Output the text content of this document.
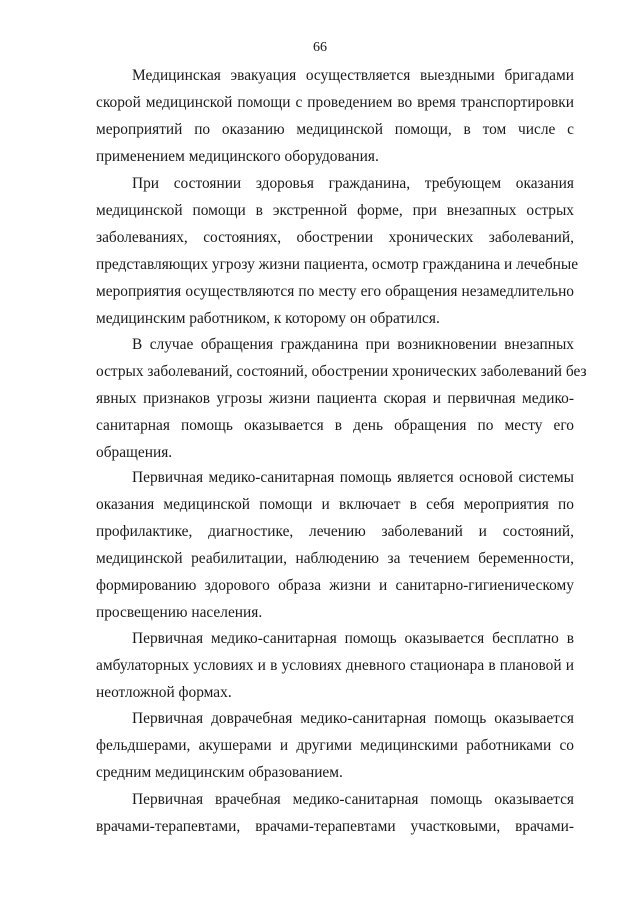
66
Медицинская эвакуация осуществляется выездными бригадами
скорой медицинской помощи с проведением во время транспортировки
мероприятий по оказанию медицинской помощи, в том числе с
применением медицинского оборудования.
При состоянии здоровья гражданина, требующем оказания
медицинской помощи в экстренной форме, при внезапных острых
заболеваниях, состояниях, обострении хронических заболеваний,
представляющих угрозу жизни пациента, осмотр гражданина и лечебные
мероприятия осуществляются по месту его обращения незамедлительно
медицинским работником, к которому он обратился.
В случае обращения гражданина при возникновении внезапных
острых заболеваний, состояний, обострении хронических заболеваний без
явных признаков угрозы жизни пациента скорая и первичная медико-
санитарная помощь оказывается в день обращения по месту его
обращения.
Первичная медико-санитарная помощь является основой системы
оказания медицинской помощи и включает в себя мероприятия по
профилактике, диагностике, лечению заболеваний и состояний,
медицинской реабилитации, наблюдению за течением беременности,
формированию здорового образа жизни и санитарно-гигиеническому
просвещению населения.
Первичная медико-санитарная помощь оказывается бесплатно в
амбулаторных условиях и в условиях дневного стационара в плановой и
неотложной формах.
Первичная доврачебная медико-санитарная помощь оказывается
фельдшерами, акушерами и другими медицинскими работниками со
средним медицинским образованием.
Первичная врачебная медико-санитарная помощь оказывается
врачами-терапевтами, врачами-терапевтами участковыми, врачами-
